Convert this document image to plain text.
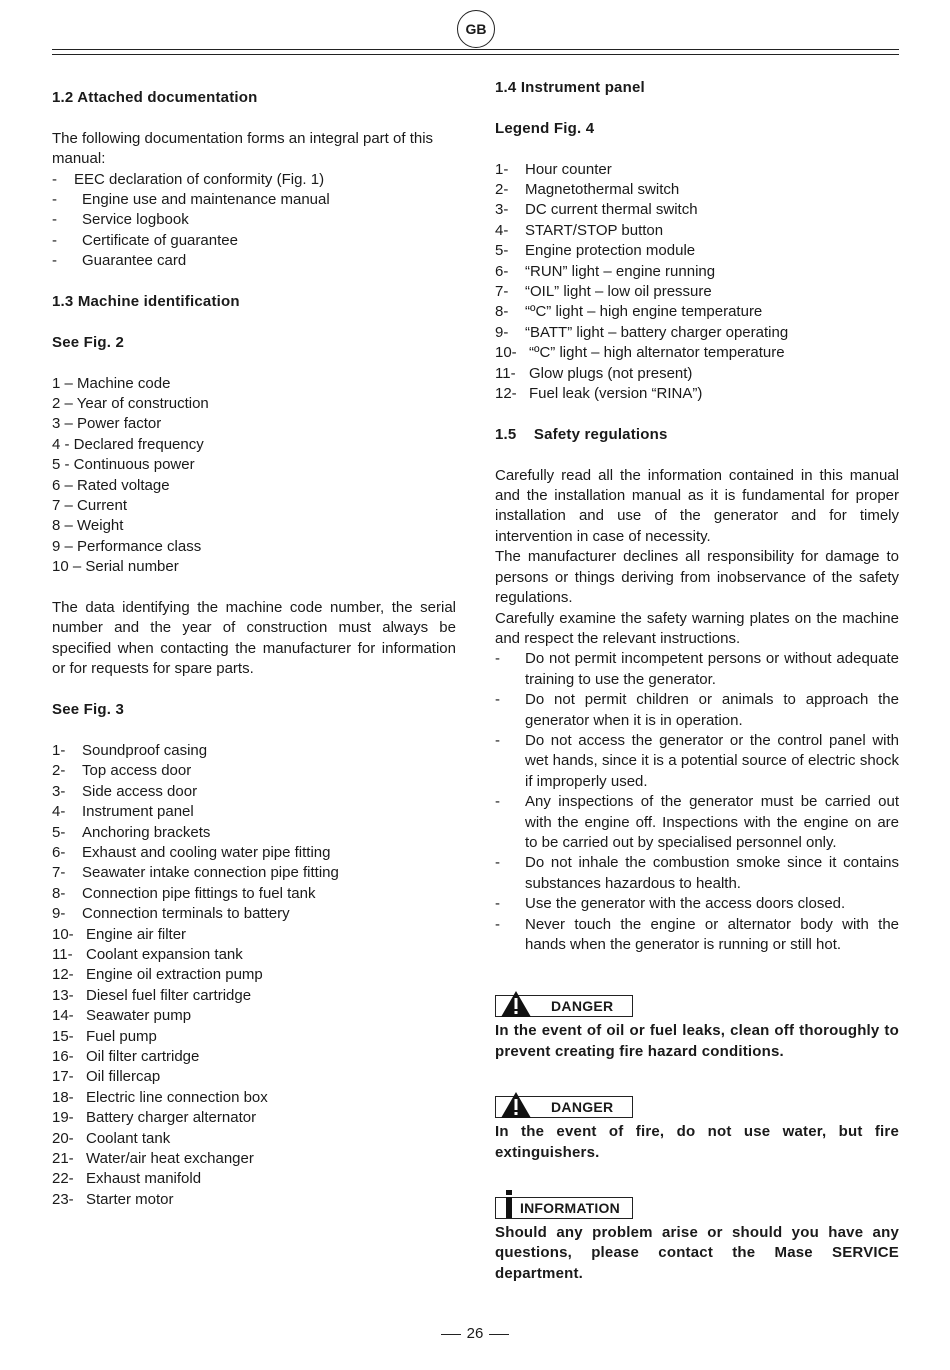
GB

1.2 Attached documentation

The following documentation forms an integral part of this manual:

-	EEC declaration of conformity (Fig. 1)
-	Engine use and maintenance manual
-	Service logbook
-	Certificate of guarantee
-	Guarantee card

1.3 Machine identification

See Fig. 2

1 – Machine code
2 – Year of construction
3 – Power factor
4 - Declared frequency
5 - Continuous power
6 – Rated voltage
7 – Current
8 – Weight
9 – Performance class
10 – Serial number

The data identifying the machine code number, the serial number and the year of construction must always be specified when contacting the manufacturer for information or for requests for spare parts.

See Fig. 3

1-	Soundproof casing
2-	Top access door
3-	Side access door
4-	Instrument panel
5-	Anchoring brackets
6-	Exhaust and cooling water pipe fitting
7-	Seawater intake connection pipe fitting
8-	Connection pipe fittings to fuel tank
9-	Connection terminals to battery
10- Engine air filter
11- Coolant expansion tank
12- Engine oil extraction pump
13- Diesel fuel filter cartridge
14- Seawater pump
15- Fuel pump
16- Oil filter cartridge
17- Oil fillercap
18- Electric line connection box
19- Battery charger alternator
20- Coolant tank
21- Water/air heat exchanger
22- Exhaust manifold
23- Starter motor

1.4 Instrument panel

Legend Fig. 4

1-	Hour counter
2-	Magnetothermal switch
3-	DC current thermal switch
4-	START/STOP button
5-	Engine protection module
6-	“RUN” light – engine running
7-	“OIL” light – low oil pressure
8-	“ºC” light – high engine temperature
9-	“BATT” light – battery charger operating
10- “ºC” light – high alternator temperature
11- Glow plugs (not present)
12- Fuel leak (version “RINA”)

1.5    Safety regulations

Carefully read all the information contained in this manual and the installation manual as it is fundamental for proper installation and use of the generator and for timely intervention in case of necessity.

The manufacturer declines all responsibility for damage to persons or things deriving from inobservance of the safety regulations.

Carefully examine the safety warning plates on the machine and respect the relevant instructions.

-	Do not permit incompetent persons or without adequate training to use the generator.
-	Do not permit children or animals to approach the generator when it is in operation.
-	Do not access the generator or the control panel with wet hands, since it is a potential source of electric shock if improperly used.
-	Any inspections of the generator must be carried out with the engine off. Inspections with the engine on are to be carried out by specialised personnel only.
-	Do not inhale the combustion smoke since it contains substances hazardous to health.
-	Use the generator with the access doors closed.
-	Never touch the engine or alternator body with the hands when the generator is running or still hot.
DANGER

In the event of oil or fuel leaks, clean off thoroughly to prevent creating fire hazard conditions.

DANGER

In the event of fire, do not use water, but fire extinguishers.

INFORMATION

Should any problem arise or should you have any questions, please contact the Mase SERVICE department.

26
